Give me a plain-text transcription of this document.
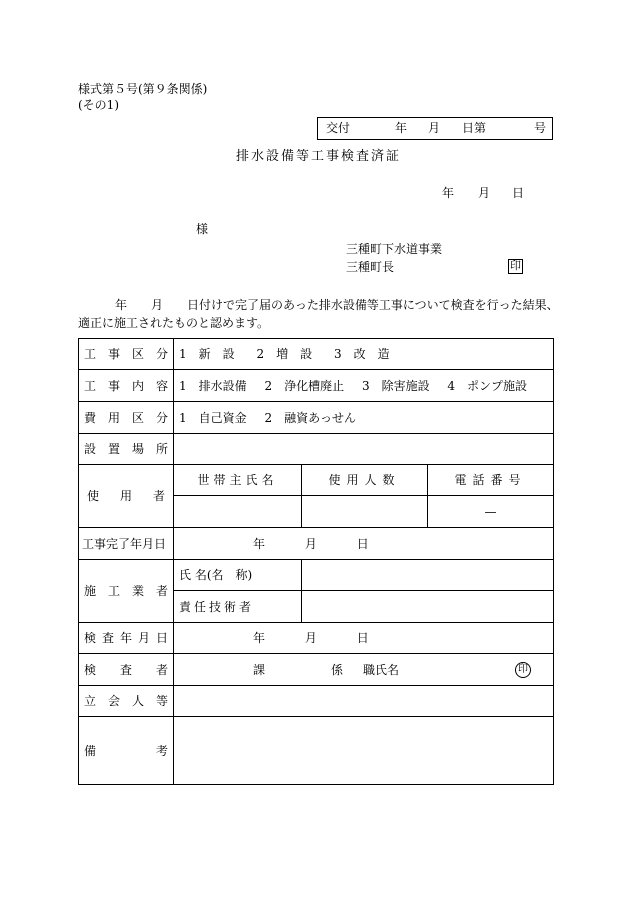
様式第５号(第９条関係)
(その1)
交付	年 月 日第	号
排水設備等工事検査済証
年 月 日
様
三種町下水道事業
三種町長	印
年　　月　　日付けで完了届のあった排水設備等工事について検査を行った結果、
適正に施工されたものと認めます。
工 事 区 分	1　新　設 2　増　設 3　改　造		

工 事 内 容	1　排水設備 2　浄化槽廃止 3　除害施設 4　ポンプ施設		

費 用 区 分	1　自己資金 2　融資あっせん		

設 置 場 所			

使 用 者	世帯主氏名	使用人数	電話番号
			—
工事完了年月日	年 月 日		

施 工 業 者	氏 名(名　称)		
	責任技術者		

検 査 年 月 日	年 月 日		

検 査 者	課 係 職氏名 印		

立 会 人 等			

備 考			
